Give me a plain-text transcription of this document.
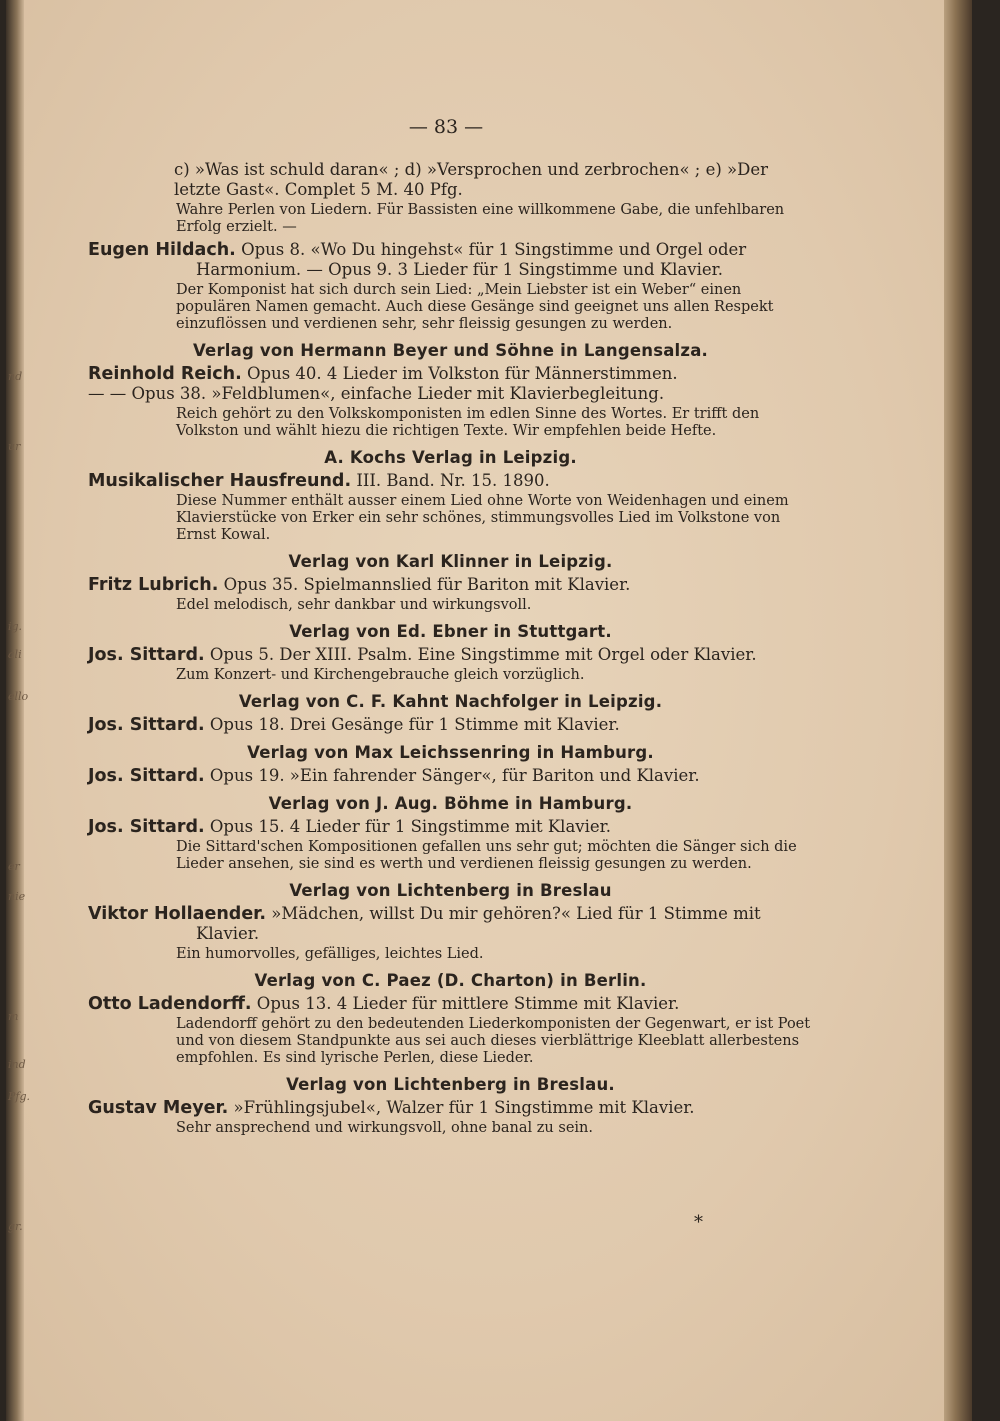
nd
ur
ig.
ali
ello
er
nie
m
ind
Pfg.
gr.
— 83 —

c) »Was ist schuld daran« ; d) »Versprochen und zerbrochen« ; e) »Der

letzte Gast«. Complet 5 M. 40 Pfg.

Wahre Perlen von Liedern. Für Bassisten eine willkommene Gabe, die unfehlbaren Erfolg erzielt. —

Eugen Hildach. Opus 8. «Wo Du hingehst« für 1 Singstimme und Orgel oder Harmonium. — Opus 9. 3 Lieder für 1 Singstimme und Klavier.

Der Komponist hat sich durch sein Lied: „Mein Liebster ist ein Weber“ einen populären Namen gemacht. Auch diese Gesänge sind geeignet uns allen Respekt einzuflössen und verdienen sehr, sehr fleissig gesungen zu werden.

Verlag von Hermann Beyer und Söhne in Langensalza.

Reinhold Reich. Opus 40. 4 Lieder im Volkston für Männerstimmen.

— — Opus 38. »Feldblumen«, einfache Lieder mit Klavierbegleitung.

Reich gehört zu den Volkskomponisten im edlen Sinne des Wortes. Er trifft den Volkston und wählt hiezu die richtigen Texte. Wir empfehlen beide Hefte.

A. Kochs Verlag in Leipzig.

Musikalischer Hausfreund. III. Band. Nr. 15. 1890.

Diese Nummer enthält ausser einem Lied ohne Worte von Weidenhagen und einem Klavierstücke von Erker ein sehr schönes, stimmungsvolles Lied im Volkstone von Ernst Kowal.

Verlag von Karl Klinner in Leipzig.

Fritz Lubrich. Opus 35. Spielmannslied für Bariton mit Klavier.

Edel melodisch, sehr dankbar und wirkungsvoll.

Verlag von Ed. Ebner in Stuttgart.

Jos. Sittard. Opus 5. Der XIII. Psalm. Eine Singstimme mit Orgel oder Klavier.

Zum Konzert- und Kirchengebrauche gleich vorzüglich.

Verlag von C. F. Kahnt Nachfolger in Leipzig.

Jos. Sittard. Opus 18. Drei Gesänge für 1 Stimme mit Klavier.

Verlag von Max Leichssenring in Hamburg.

Jos. Sittard. Opus 19. »Ein fahrender Sänger«, für Bariton und Klavier.

Verlag von J. Aug. Böhme in Hamburg.

Jos. Sittard. Opus 15. 4 Lieder für 1 Singstimme mit Klavier.

Die Sittard'schen Kompositionen gefallen uns sehr gut; möchten die Sänger sich die Lieder ansehen, sie sind es werth und verdienen fleissig gesungen zu werden.

Verlag von Lichtenberg in Breslau

Viktor Hollaender. »Mädchen, willst Du mir gehören?« Lied für 1 Stimme mit Klavier.

Ein humorvolles, gefälliges, leichtes Lied.

Verlag von C. Paez (D. Charton) in Berlin.

Otto Ladendorff. Opus 13. 4 Lieder für mittlere Stimme mit Klavier.

Ladendorff gehört zu den bedeutenden Liederkomponisten der Gegenwart, er ist Poet und von diesem Standpunkte aus sei auch dieses vierblättrige Kleeblatt allerbestens empfohlen. Es sind lyrische Perlen, diese Lieder.

Verlag von Lichtenberg in Breslau.

Gustav Meyer. »Frühlingsjubel«, Walzer für 1 Singstimme mit Klavier.

Sehr ansprechend und wirkungsvoll, ohne banal zu sein.

*
